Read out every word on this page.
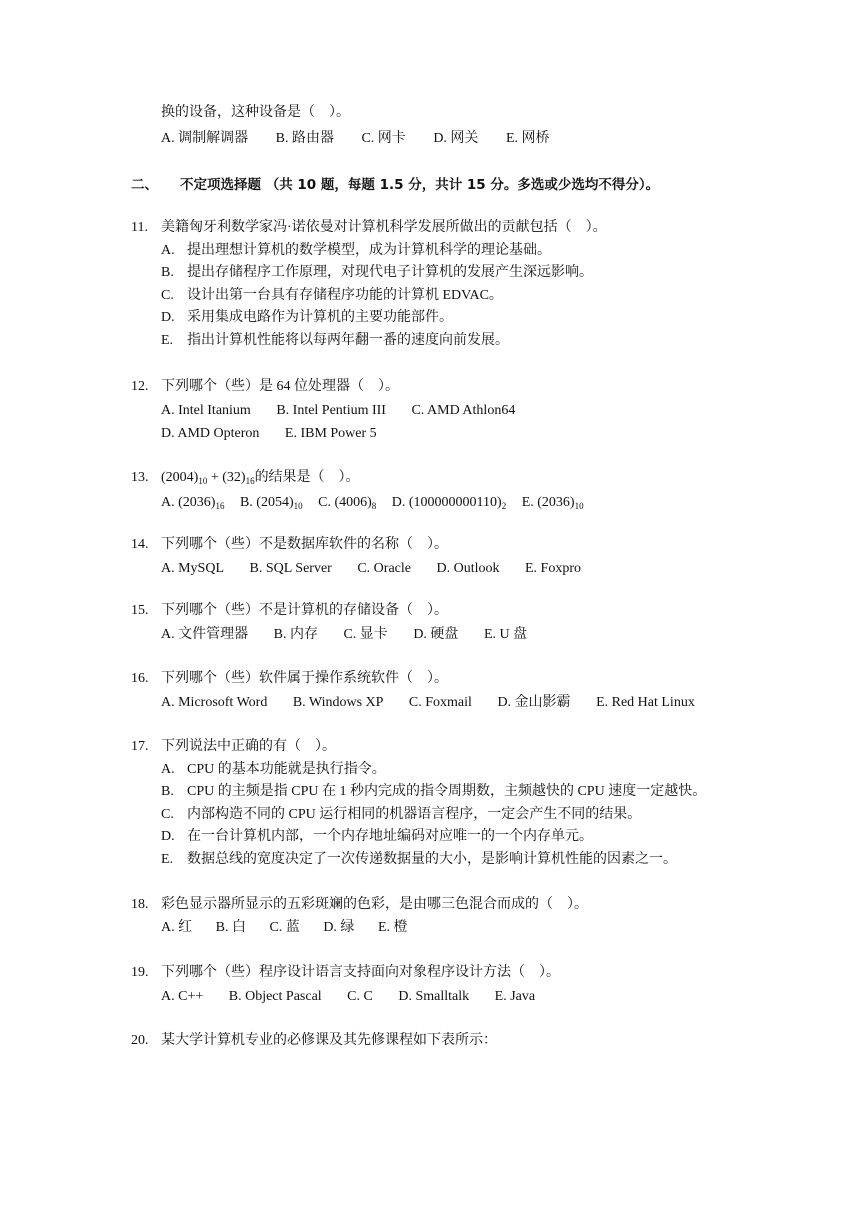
换的设备，这种设备是（　）。
A. 调制解调器 B. 路由器 C. 网卡 D. 网关 E. 网桥
二、 不定项选择题 （共 10 题，每题 1.5 分，共计 15 分。多选或少选均不得分）。
11. 美籍匈牙利数学家冯·诺依曼对计算机科学发展所做出的贡献包括（　）。
A. 提出理想计算机的数学模型，成为计算机科学的理论基础。
B. 提出存储程序工作原理，对现代电子计算机的发展产生深远影响。
C. 设计出第一台具有存储程序功能的计算机 EDVAC。
D. 采用集成电路作为计算机的主要功能部件。
E. 指出计算机性能将以每两年翻一番的速度向前发展。
12. 下列哪个（些）是 64 位处理器（　）。
A. Intel Itanium B. Intel Pentium III C. AMD Athlon64
D. AMD Opteron E. IBM Power 5
13. $(2004)_{10} + (32)_{16}$的结果是（　）。
A. $(2036)_{16}$ B. $(2054)_{10}$ C. $(4006)_8$ D. $(100000000110)_2$ E. $(2036)_{10}$
14. 下列哪个（些）不是数据库软件的名称（　）。
A. MySQL B. SQL Server C. Oracle D. Outlook E. Foxpro
15. 下列哪个（些）不是计算机的存储设备（　）。
A. 文件管理器 B. 内存 C. 显卡 D. 硬盘 E. U 盘
16. 下列哪个（些）软件属于操作系统软件（　）。
A. Microsoft Word B. Windows XP C. Foxmail D. 金山影霸 E. Red Hat Linux
17. 下列说法中正确的有（　）。
A. CPU 的基本功能就是执行指令。
B. CPU 的主频是指 CPU 在 1 秒内完成的指令周期数，主频越快的 CPU 速度一定越快。
C. 内部构造不同的 CPU 运行相同的机器语言程序，一定会产生不同的结果。
D. 在一台计算机内部，一个内存地址编码对应唯一的一个内存单元。
E. 数据总线的宽度决定了一次传递数据量的大小，是影响计算机性能的因素之一。
18. 彩色显示器所显示的五彩斑斓的色彩，是由哪三色混合而成的（　）。
A. 红 B. 白 C. 蓝 D. 绿 E. 橙
19. 下列哪个（些）程序设计语言支持面向对象程序设计方法（　）。
A. C++ B. Object Pascal C. C D. Smalltalk E. Java
20. 某大学计算机专业的必修课及其先修课程如下表所示：
